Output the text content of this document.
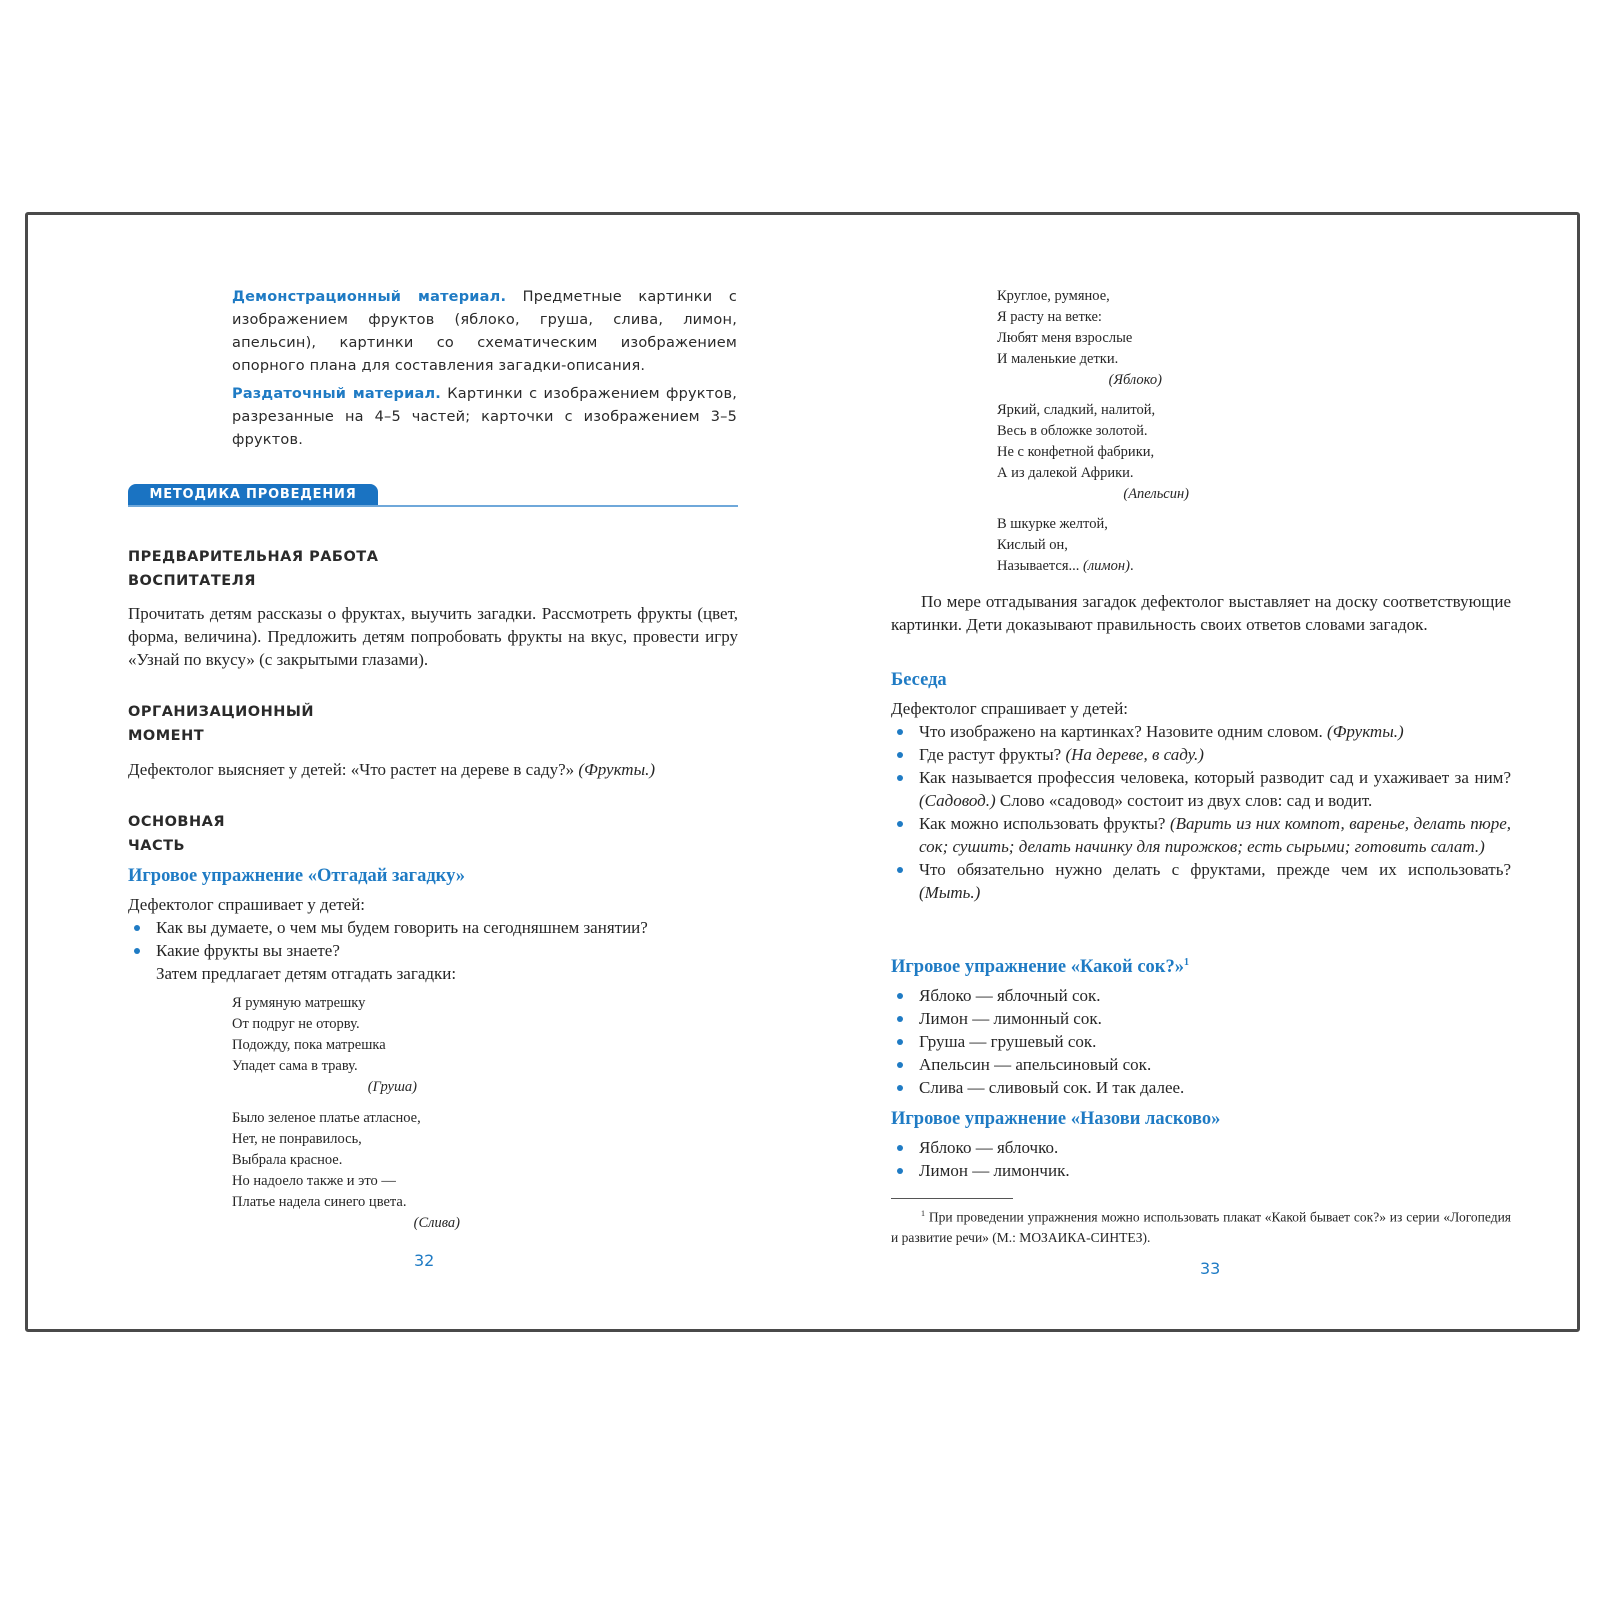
Демонстрационный материал. Предметные картинки с изображением фруктов (яблоко, груша, слива, лимон, апельсин), картинки со схематическим изображением опорного плана для составления загадки-описания.

Раздаточный материал. Картинки с изображением фруктов, разрезанные на 4–5 частей; карточки с изображением 3–5 фруктов.

МЕТОДИКА ПРОВЕДЕНИЯ
ПРЕДВАРИТЕЛЬНАЯ РАБОТА
ВОСПИТАТЕЛЯ

Прочитать детям рассказы о фруктах, выучить загадки. Рассмотреть фрукты (цвет, форма, величина). Предложить детям попробовать фрукты на вкус, провести игру «Узнай по вкусу» (с закрытыми глазами).

ОРГАНИЗАЦИОННЫЙ
МОМЕНТ

Дефектолог выясняет у детей: «Что растет на дереве в саду?» (Фрукты.)

ОСНОВНАЯ
ЧАСТЬ
Игровое упражнение «Отгадай загадку»

Дефектолог спрашивает у детей:

Как вы думаете, о чем мы будем говорить на сегодняшнем занятии?
Какие фрукты вы знаете?

Затем предлагает детям отгадать загадки:

Я румяную матрешку
От подруг не оторву.
Подожду, пока матрешка
Упадет сама в траву.
(Груша)
Было зеленое платье атласное,
Нет, не понравилось,
Выбрала красное.
Но надоело также и это —
Платье надела синего цвета.
(Слива)
32
Круглое, румяное,
Я расту на ветке:
Любят меня взрослые
И маленькие детки.
(Яблоко)
Яркий, сладкий, налитой,
Весь в обложке золотой.
Не с конфетной фабрики,
А из далекой Африки.
(Апельсин)
В шкурке желтой,
Кислый он,
Называется... (лимон).

По мере отгадывания загадок дефектолог выставляет на доску соответствующие картинки. Дети доказывают правильность своих ответов словами загадок.

Беседа

Дефектолог спрашивает у детей:

Что изображено на картинках? Назовите одним словом. (Фрукты.)
Где растут фрукты? (На дереве, в саду.)
Как называется профессия человека, который разводит сад и ухаживает за ним? (Садовод.) Слово «садовод» состоит из двух слов: сад и водит.
Как можно использовать фрукты? (Варить из них компот, варенье, делать пюре, сок; сушить; делать начинку для пирожков; есть сырыми; готовить салат.)
Что обязательно нужно делать с фруктами, прежде чем их использовать? (Мыть.)
Игровое упражнение «Какой сок?»$^1$
Яблоко — яблочный сок.
Лимон — лимонный сок.
Груша — грушевый сок.
Апельсин — апельсиновый сок.
Слива — сливовый сок. И так далее.
Игровое упражнение «Назови ласково»
Яблоко — яблочко.
Лимон — лимончик.
$^1$ При проведении упражнения можно использовать плакат «Какой бывает сок?» из серии «Логопедия и развитие речи» (М.: МОЗАИКА-СИНТЕЗ).
33
